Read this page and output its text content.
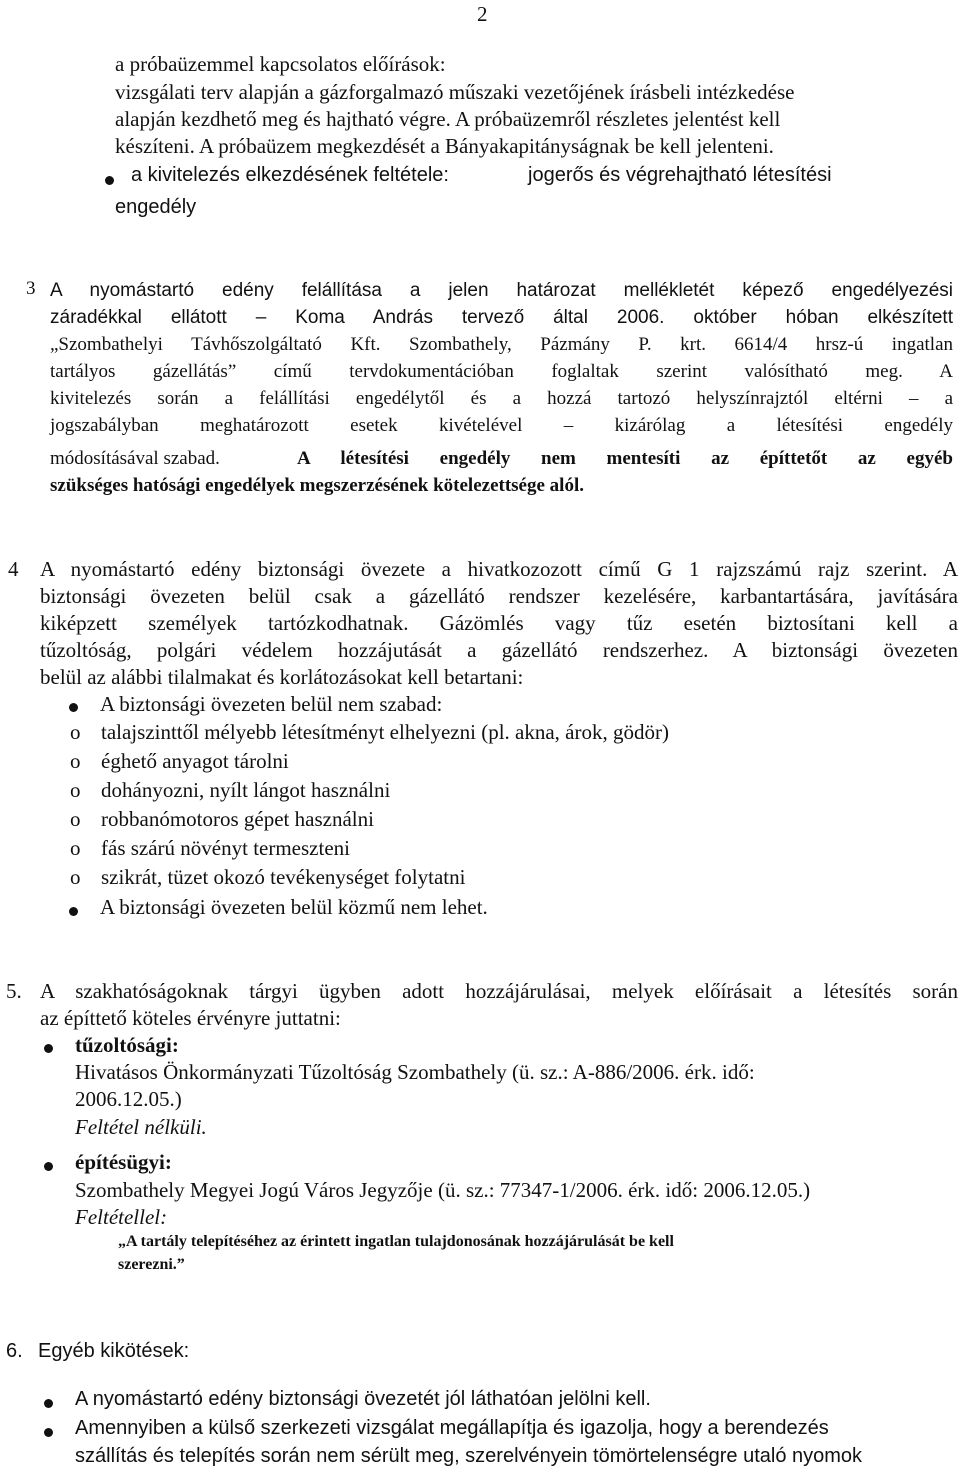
2
a próbaüzemmel kapcsolatos előírások:
vizsgálati terv alapján a gázforgalmazó műszaki vezetőjének írásbeli intézkedése
alapján kezdhető meg és hajtható végre. A próbaüzemről részletes jelentést kell
készíteni. A próbaüzem megkezdését a Bányakapitányságnak be kell jelenteni.
a kivitelezés elkezdésének feltétele:	jogerős és végrehajtható létesítési
engedély
3 A nyomástartó edény felállítása a jelen határozat mellékletét képező engedélyezési
záradékkal ellátott – Koma András tervező által 2006. október hóban elkészített
„Szombathelyi Távhőszolgáltató Kft. Szombathely, Pázmány P. krt. 6614/4 hrsz-ú ingatlan
tartályos gázellátás” című tervdokumentációban foglaltak szerint valósítható meg. A
kivitelezés során a felállítási engedélytől és a hozzá tartozó helyszínrajztól eltérni – a
jogszabályban meghatározott esetek kivételével – kizárólag a létesítési engedély
módosításával szabad.	A létesítési engedély nem mentesíti az építtetőt az egyéb
szükséges hatósági engedélyek megszerzésének kötelezettsége alól.
4 A nyomástartó edény biztonsági övezete a hivatkozozott című G 1 rajzszámú rajz szerint. A
biztonsági övezeten belül csak a gázellátó rendszer kezelésére, karbantartására, javítására
kiképzett személyek tartózkodhatnak. Gázömlés vagy tűz esetén biztosítani kell a
tűzoltóság, polgári védelem hozzájutását a gázellátó rendszerhez. A biztonsági övezeten
belül az alábbi tilalmakat és korlátozásokat kell betartani:
A biztonsági övezeten belül nem szabad:
o talajszinttől mélyebb létesítményt elhelyezni (pl. akna, árok, gödör)
o éghető anyagot tárolni
o dohányozni, nyílt lángot használni
o robbanómotoros gépet használni
o fás szárú növényt termeszteni
o szikrát, tüzet okozó tevékenységet folytatni
A biztonsági övezeten belül közmű nem lehet.
5. A szakhatóságoknak tárgyi ügyben adott hozzájárulásai, melyek előírásait a létesítés során
az építtető köteles érvényre juttatni:
tűzoltósági:
Hivatásos Önkormányzati Tűzoltóság Szombathely (ü. sz.: A-886/2006. érk. idő:
2006.12.05.)
Feltétel nélküli.
építésügyi:
Szombathely Megyei Jogú Város Jegyzője (ü. sz.: 77347-1/2006. érk. idő: 2006.12.05.)
Feltétellel:
„A tartály telepítéséhez az érintett ingatlan tulajdonosának hozzájárulását be kell
szerezni.”
6. Egyéb kikötések:
A nyomástartó edény biztonsági övezetét jól láthatóan jelölni kell.
Amennyiben a külső szerkezeti vizsgálat megállapítja és igazolja, hogy a berendezés
szállítás és telepítés során nem sérült meg, szerelvényein tömörtelenségre utaló nyomok
